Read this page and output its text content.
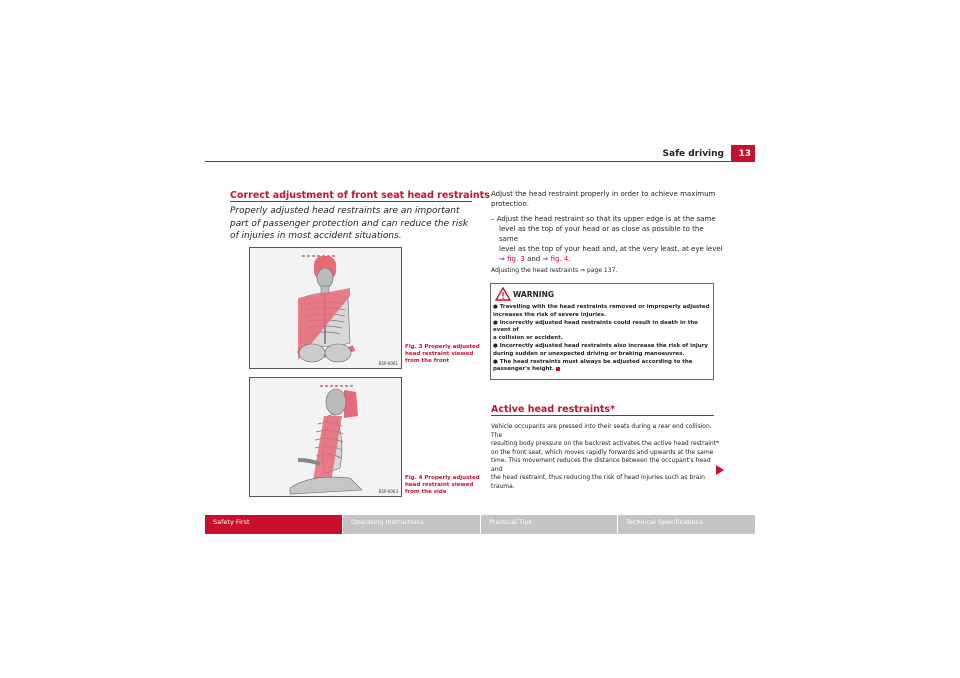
Safe driving	13
Correct adjustment of front seat head restraints
Properly adjusted head restraints are an important part of passenger protection and can reduce the risk of injuries in most accident situations.
B5P-0061
Fig. 3 Properly adjusted
head restraint viewed
from the front
B5P-0063
Fig. 4 Properly adjusted
head restraint viewed
from the side
Adjust the head restraint properly in order to achieve maximum
protection.
– Adjust the head restraint so that its upper edge is at the same
level as the top of your head or as close as possible to the same
level as the top of your head and, at the very least, at eye level
⇒ fig. 3 and ⇒ fig. 4.
Adjusting the head restraints ⇒ page 137.
WARNING
● Travelling with the head restraints removed or improperly adjusted
increases the risk of severe injuries.
● Incorrectly adjusted head restraints could result in death in the event of
a collision or accident.
● Incorrectly adjusted head restraints also increase the risk of injury
during sudden or unexpected driving or braking manoeuvres.
● The head restraints must always be adjusted according to the
passenger's height.
Active head restraints*
Vehicle occupants are pressed into their seats during a rear end collision. The
resulting body pressure on the backrest activates the active head restraint*
on the front seat, which moves rapidly forwards and upwards at the same
time. This movement reduces the distance between the occupant's head and
the head restraint, thus reducing the risk of head injuries such as brain
trauma.
Safety First	Operating Instructions	Practical Tips	Technical Specifications
